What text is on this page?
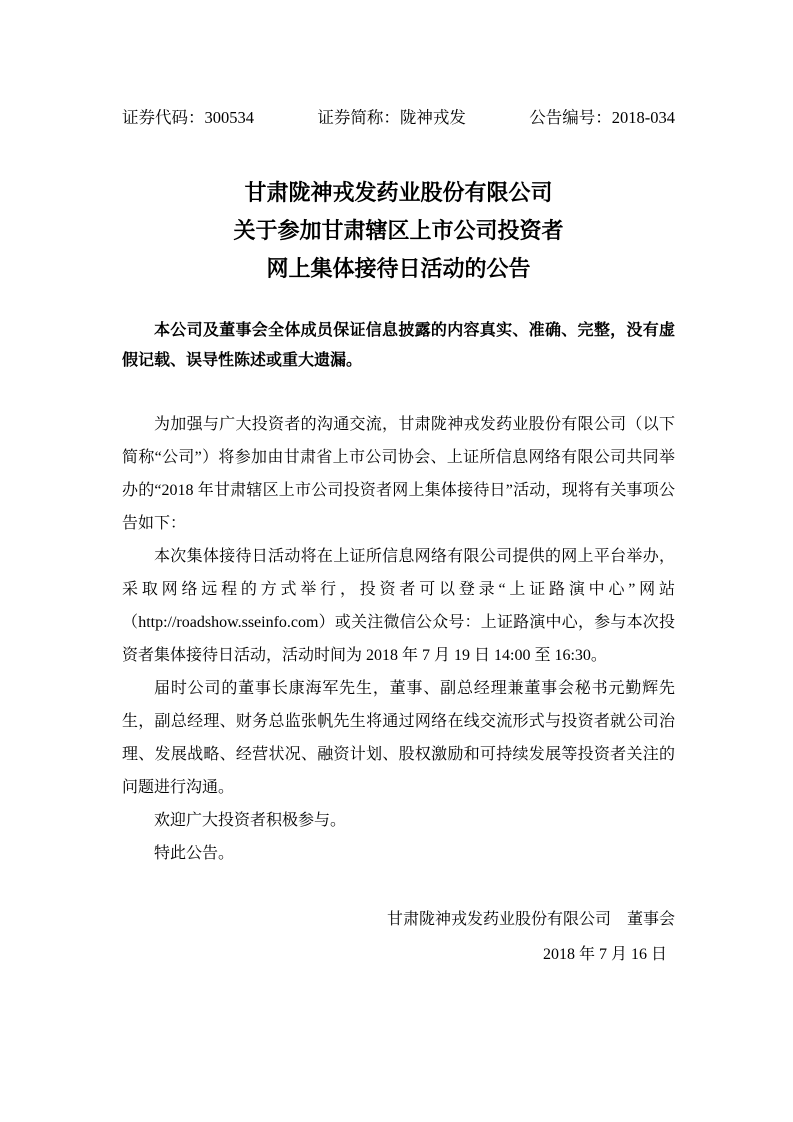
证券代码：300534	证券简称：陇神戎发	公告编号：2018-034
甘肃陇神戎发药业股份有限公司
关于参加甘肃辖区上市公司投资者
网上集体接待日活动的公告

本公司及董事会全体成员保证信息披露的内容真实、准确、完整，没有虚假记载、误导性陈述或重大遗漏。

为加强与广大投资者的沟通交流，甘肃陇神戎发药业股份有限公司（以下简称“公司”）将参加由甘肃省上市公司协会、上证所信息网络有限公司共同举办的“2018 年甘肃辖区上市公司投资者网上集体接待日”活动，现将有关事项公告如下：

本次集体接待日活动将在上证所信息网络有限公司提供的网上平台举办，采取网络远程的方式举行，投资者可以登录“上证路演中心”网站（http://roadshow.sseinfo.com）或关注微信公众号：上证路演中心，参与本次投资者集体接待日活动，活动时间为 2018 年 7 月 19 日 14:00 至 16:30。

届时公司的董事长康海军先生，董事、副总经理兼董事会秘书元勤辉先生，副总经理、财务总监张帆先生将通过网络在线交流形式与投资者就公司治理、发展战略、经营状况、融资计划、股权激励和可持续发展等投资者关注的问题进行沟通。

欢迎广大投资者积极参与。

特此公告。

甘肃陇神戎发药业股份有限公司　董事会
2018 年 7 月 16 日
